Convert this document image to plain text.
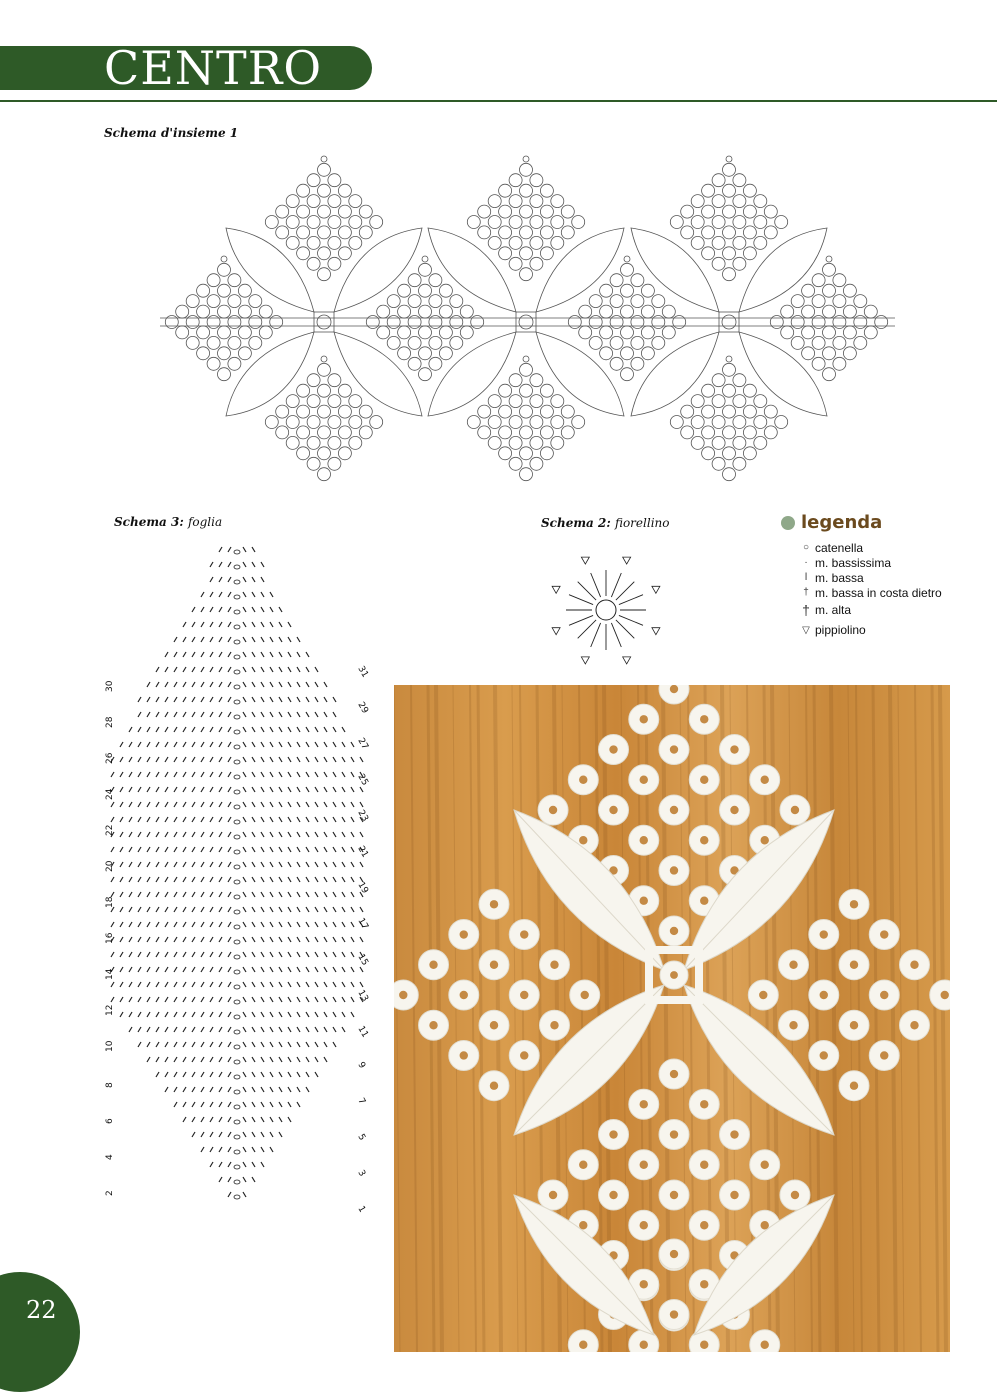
CENTRO
Schema d'insieme 1
Schema 3: foglia	Schema 2: fiorellino	legenda
○ catenella
· m. bassissima
ǀ m. bassa
† m. bassa in costa dietro
† m. alta
▽ pippiolino
30
28
26
24
22
20
18
16
14
12
10
8
6
4
2
31
29
27
25
23
21
19
17
15
13
11
9
7
5
3
1
22
